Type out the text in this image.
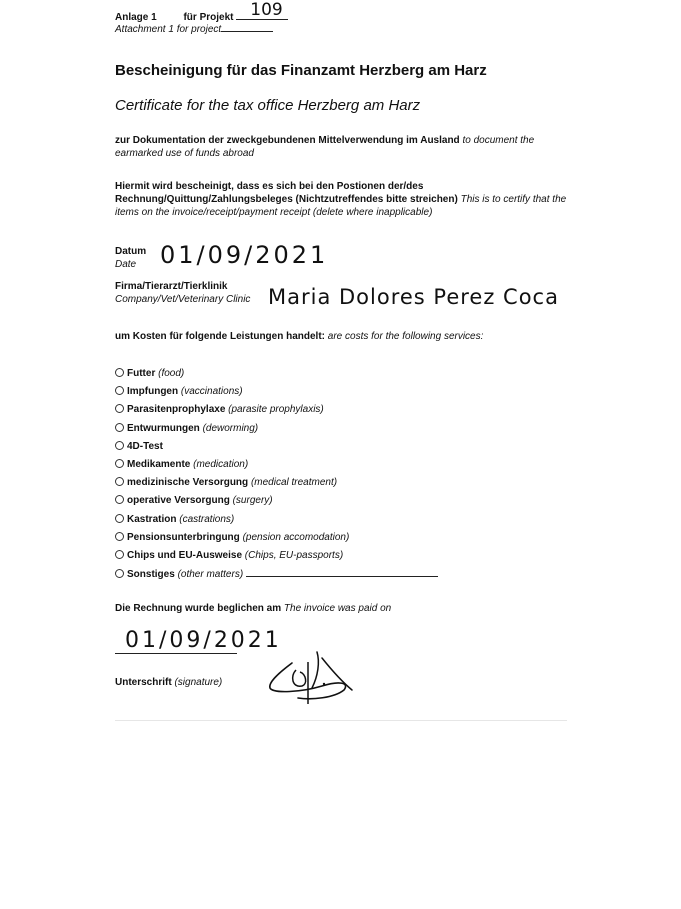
Anlage 1	für Projekt 109
Attachment 1 for project
Bescheinigung für das Finanzamt Herzberg am Harz
Certificate for the tax office Herzberg am Harz
zur Dokumentation der zweckgebundenen Mittelverwendung im Ausland to document the earmarked use of funds abroad
Hiermit wird bescheinigt, dass es sich bei den Postionen der/des Rechnung/Quittung/Zahlungsbeleges (Nichtzutreffendes bitte streichen) This is to certify that the items on the invoice/receipt/payment receipt (delete where inapplicable)
Datum
Date 01/09/2021
Firma/Tierarzt/Tierklinik
Company/Vet/Veterinary Clinic Maria Dolores Perez Coca
um Kosten für folgende Leistungen handelt: are costs for the following services:
Futter (food)
Impfungen (vaccinations)
Parasitenprophylaxe (parasite prophylaxis)
Entwurmungen (deworming)
4D-Test
Medikamente (medication)
medizinische Versorgung (medical treatment)
operative Versorgung (surgery)
Kastration (castrations)
Pensionsunterbringung (pension accomodation)
Chips und EU-Ausweise (Chips, EU-passports)
Sonstiges (other matters)
Die Rechnung wurde beglichen am The invoice was paid on
01/09/2021
Unterschrift (signature)
